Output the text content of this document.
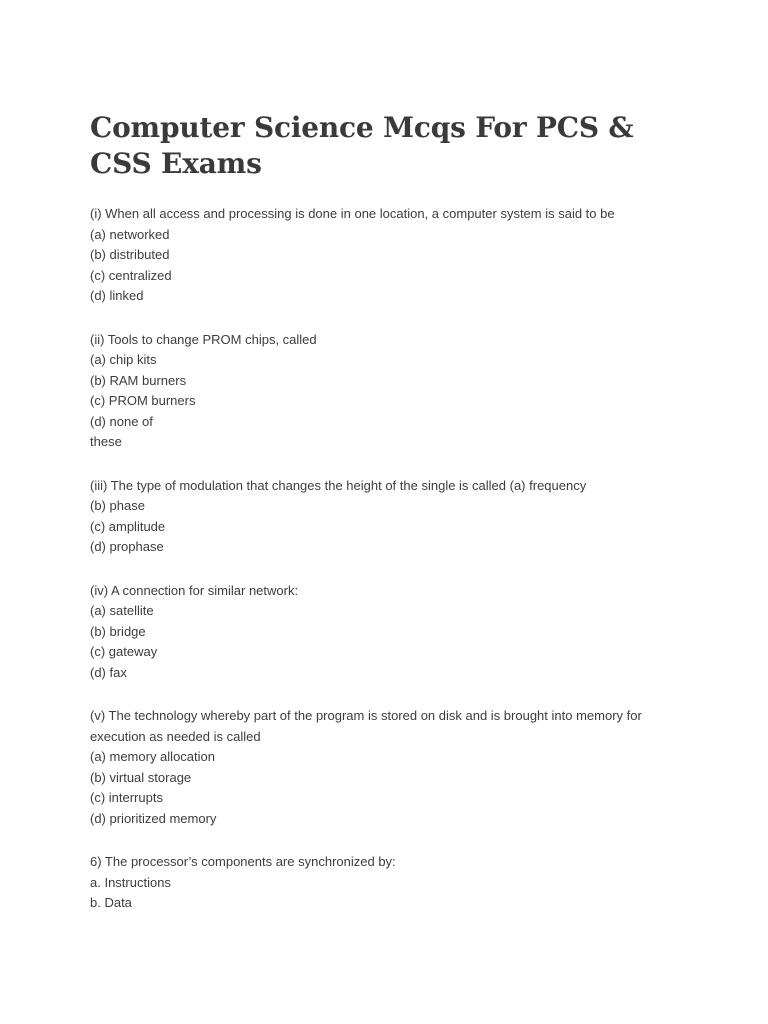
Computer Science Mcqs For PCS & CSS Exams
(i) When all access and processing is done in one location, a computer system is said to be
(a) networked
(b) distributed
(c) centralized
(d) linked
(ii) Tools to change PROM chips, called
(a) chip kits
(b) RAM burners
(c) PROM burners
(d) none of
these
(iii) The type of modulation that changes the height of the single is called (a) frequency
(b) phase
(c) amplitude
(d) prophase
(iv) A connection for similar network:
(a) satellite
(b) bridge
(c) gateway
(d) fax
(v) The technology whereby part of the program is stored on disk and is brought into memory for
execution as needed is called
(a) memory allocation
(b) virtual storage
(c) interrupts
(d) prioritized memory
6) The processor’s components are synchronized by:
a. Instructions
b. Data
